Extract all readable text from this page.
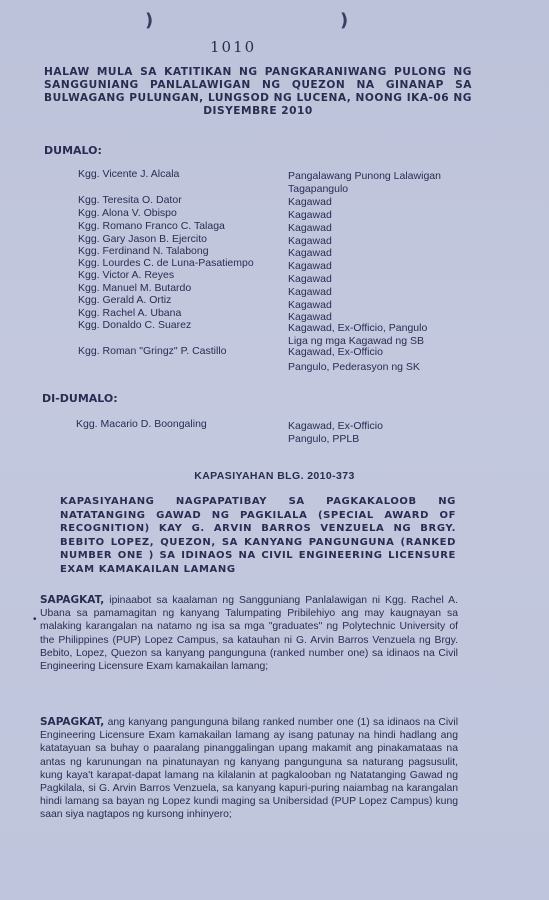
)	)
1010
HALAW MULA SA KATITIKAN NG PANGKARANIWANG PULONG NG SANGGUNIANG PANLALAWIGAN NG QUEZON NA GINANAP SA BULWAGANG PULUNGAN, LUNGSOD NG LUCENA, NOONG IKA-06 NG DISYEMBRE 2010
DUMALO:
Kgg. Vicente J. Alcala	Pangalawang Punong Lalawigan
Tagapangulo
Kgg. Teresita O. Dator	Kagawad
Kgg. Alona V. Obispo	Kagawad
Kgg. Romano Franco C. Talaga	Kagawad
Kgg. Gary Jason B. Ejercito	Kagawad
Kgg. Ferdinand N. Talabong	Kagawad
Kgg. Lourdes C. de Luna-Pasatiempo	Kagawad
Kgg. Victor A. Reyes	Kagawad
Kgg. Manuel M. Butardo	Kagawad
Kgg. Gerald A. Ortiz	Kagawad
Kgg. Rachel A. Ubana	Kagawad
Kgg. Donaldo C. Suarez	Kagawad, Ex-Officio, Pangulo
Liga ng mga Kagawad ng SB
Kgg. Roman "Gringz" P. Castillo	Kagawad, Ex-Officio
Pangulo, Pederasyon ng SK
DI-DUMALO:
Kgg. Macario D. Boongaling	Kagawad, Ex-Officio
Pangulo, PPLB
KAPASIYAHAN BLG. 2010-373
KAPASIYAHANG NAGPAPATIBAY SA PAGKAKALOOB NG NATATANGING GAWAD NG PAGKILALA (SPECIAL AWARD OF RECOGNITION) KAY G. ARVIN BARROS VENZUELA NG BRGY. BEBITO LOPEZ, QUEZON, SA KANYANG PANGUNGUNA (RANKED NUMBER ONE ) SA IDINAOS NA CIVIL ENGINEERING LICENSURE EXAM KAMAKAILAN LAMANG
•
SAPAGKAT, ipinaabot sa kaalaman ng Sangguniang Panlalawigan ni Kgg. Rachel A. Ubana sa pamamagitan ng kanyang Talumpating Pribilehiyo ang may kaugnayan sa malaking karangalan na natamo ng isa sa mga "graduates" ng Polytechnic University of the Philippines (PUP) Lopez Campus, sa katauhan ni G. Arvin Barros Venzuela ng Brgy. Bebito, Lopez, Quezon sa kanyang pangunguna (ranked number one) sa idinaos na Civil Engineering Licensure Exam kamakailan lamang;
SAPAGKAT, ang kanyang pangunguna bilang ranked number one (1) sa idinaos na Civil Engineering Licensure Exam kamakailan lamang ay isang patunay na hindi hadlang ang katatayuan sa buhay o paaralang pinanggalingan upang makamit ang pinakamataas na antas ng karunungan na pinatunayan ng kanyang pangunguna sa naturang pagsusulit, kung kaya't karapat-dapat lamang na kilalanin at pagkalooban ng Natatanging Gawad ng Pagkilala, si G. Arvin Barros Venzuela, sa kanyang kapuri-puring naiambag na karangalan hindi lamang sa bayan ng Lopez kundi maging sa Unibersidad (PUP Lopez Campus) kung saan siya nagtapos ng kursong inhinyero;
